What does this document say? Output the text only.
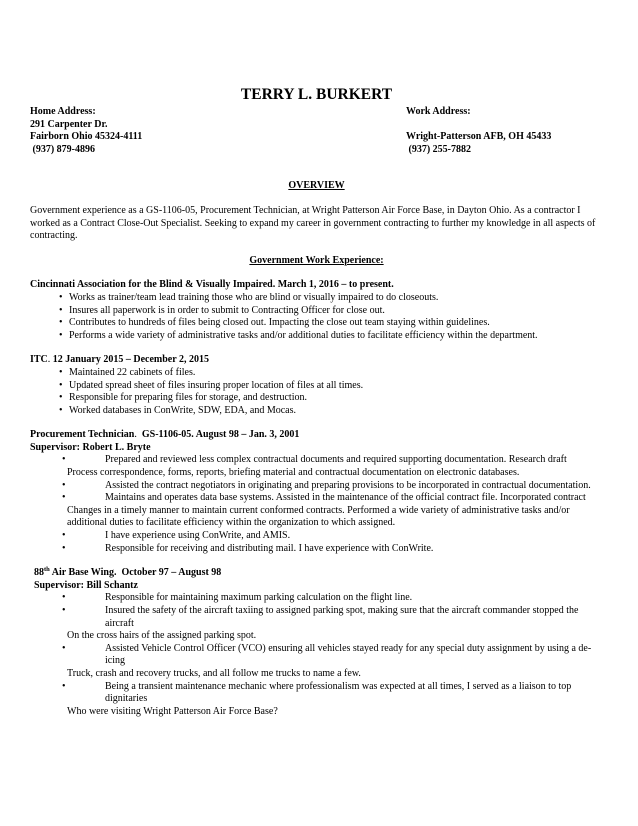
TERRY L. BURKERT
Home Address:	Work Address:
291 Carpenter Dr.
Fairborn Ohio 45324-4111	Wright-Patterson AFB, OH 45433
(937) 879-4896	(937) 255-7882

OVERVIEW

Government experience as a GS-1106-05, Procurement Technician, at Wright Patterson Air Force Base, in Dayton Ohio. As a contractor I worked as a Contract Close-Out Specialist. Seeking to expand my career in government contracting to further my knowledge in all aspects of contracting.

Government Work Experience:

Cincinnati Association for the Blind & Visually Impaired. March 1, 2016 – to present.

• Works as trainer/team lead training those who are blind or visually impaired to do closeouts.
• Insures all paperwork is in order to submit to Contracting Officer for close out.
• Contributes to hundreds of files being closed out. Impacting the close out team staying within guidelines.
• Performs a wide variety of administrative tasks and/or additional duties to facilitate efficiency within the department.

ITC. 12 January 2015 – December 2, 2015

• Maintained 22 cabinets of files.
• Updated spread sheet of files insuring proper location of files at all times.
• Responsible for preparing files for storage, and destruction.
• Worked databases in ConWrite, SDW, EDA, and Mocas.

Procurement Technician.  GS-1106-05. August 98 – Jan. 3, 2001

Supervisor: Robert L. Bryte

•	Prepared and reviewed less complex contractual documents and required supporting documentation. Research draft
Process correspondence, forms, reports, briefing material and contractual documentation on electronic databases.
•	Assisted the contract negotiators in originating and preparing provisions to be incorporated in contractual documentation.
•	Maintains and operates data base systems. Assisted in the maintenance of the official contract file. Incorporated contract
Changes in a timely manner to maintain current conformed contracts. Performed a wide variety of administrative tasks and/or additional duties to facilitate efficiency within the organization to which assigned.
•	I have experience using ConWrite, and AMIS.
•	Responsible for receiving and distributing mail. I have experience with ConWrite.

88th Air Base Wing.  October 97 – August 98

Supervisor: Bill Schantz

•	Responsible for maintaining maximum parking calculation on the flight line.
•	Insured the safety of the aircraft taxiing to assigned parking spot, making sure that the aircraft commander stopped the aircraft
On the cross hairs of the assigned parking spot.
•	Assisted Vehicle Control Officer (VCO) ensuring all vehicles stayed ready for any special duty assignment by using a de-icing
Truck, crash and recovery trucks, and all follow me trucks to name a few.
•	Being a transient maintenance mechanic where professionalism was expected at all times, I served as a liaison to top dignitaries
Who were visiting Wright Patterson Air Force Base?
